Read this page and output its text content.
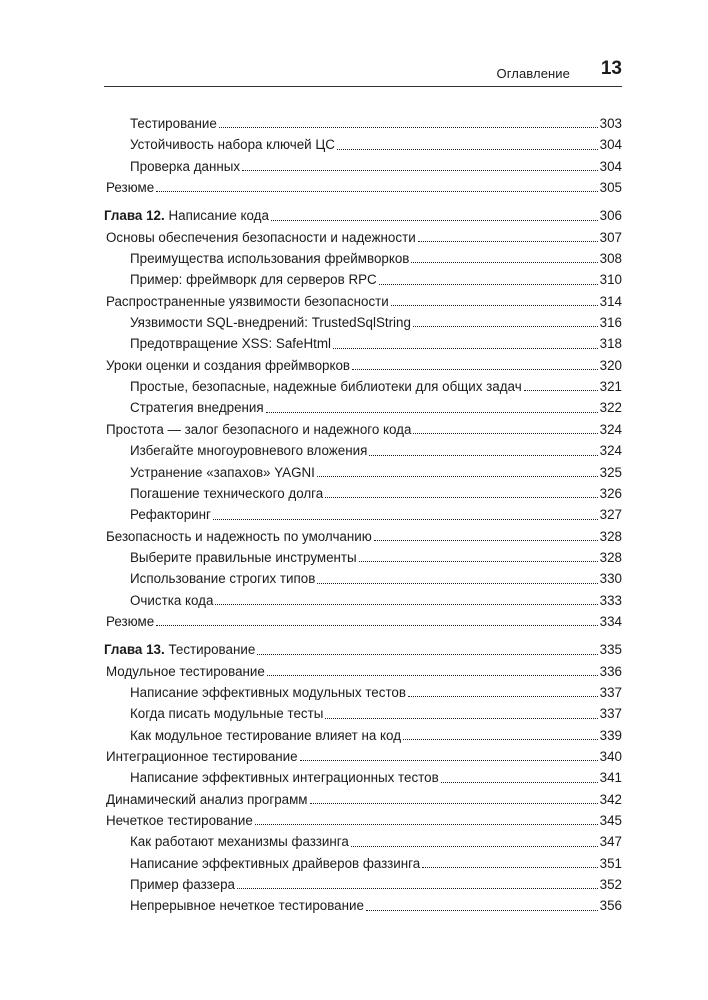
Оглавление 13
Тестирование	303
Устойчивость набора ключей ЦС	304
Проверка данных	304
Резюме	305
Глава 12. Написание кода	306
Основы обеспечения безопасности и надежности	307
Преимущества использования фреймворков	308
Пример: фреймворк для серверов RPC	310
Распространенные уязвимости безопасности	314
Уязвимости SQL-внедрений: TrustedSqlString	316
Предотвращение XSS: SafeHtml	318
Уроки оценки и создания фреймворков	320
Простые, безопасные, надежные библиотеки для общих задач	321
Стратегия внедрения	322
Простота — залог безопасного и надежного кода	324
Избегайте многоуровневого вложения	324
Устранение «запахов» YAGNI	325
Погашение технического долга	326
Рефакторинг	327
Безопасность и надежность по умолчанию	328
Выберите правильные инструменты	328
Использование строгих типов	330
Очистка кода	333
Резюме	334
Глава 13. Тестирование	335
Модульное тестирование	336
Написание эффективных модульных тестов	337
Когда писать модульные тесты	337
Как модульное тестирование влияет на код	339
Интеграционное тестирование	340
Написание эффективных интеграционных тестов	341
Динамический анализ программ	342
Нечеткое тестирование	345
Как работают механизмы фаззинга	347
Написание эффективных драйверов фаззинга	351
Пример фаззера	352
Непрерывное нечеткое тестирование	356
